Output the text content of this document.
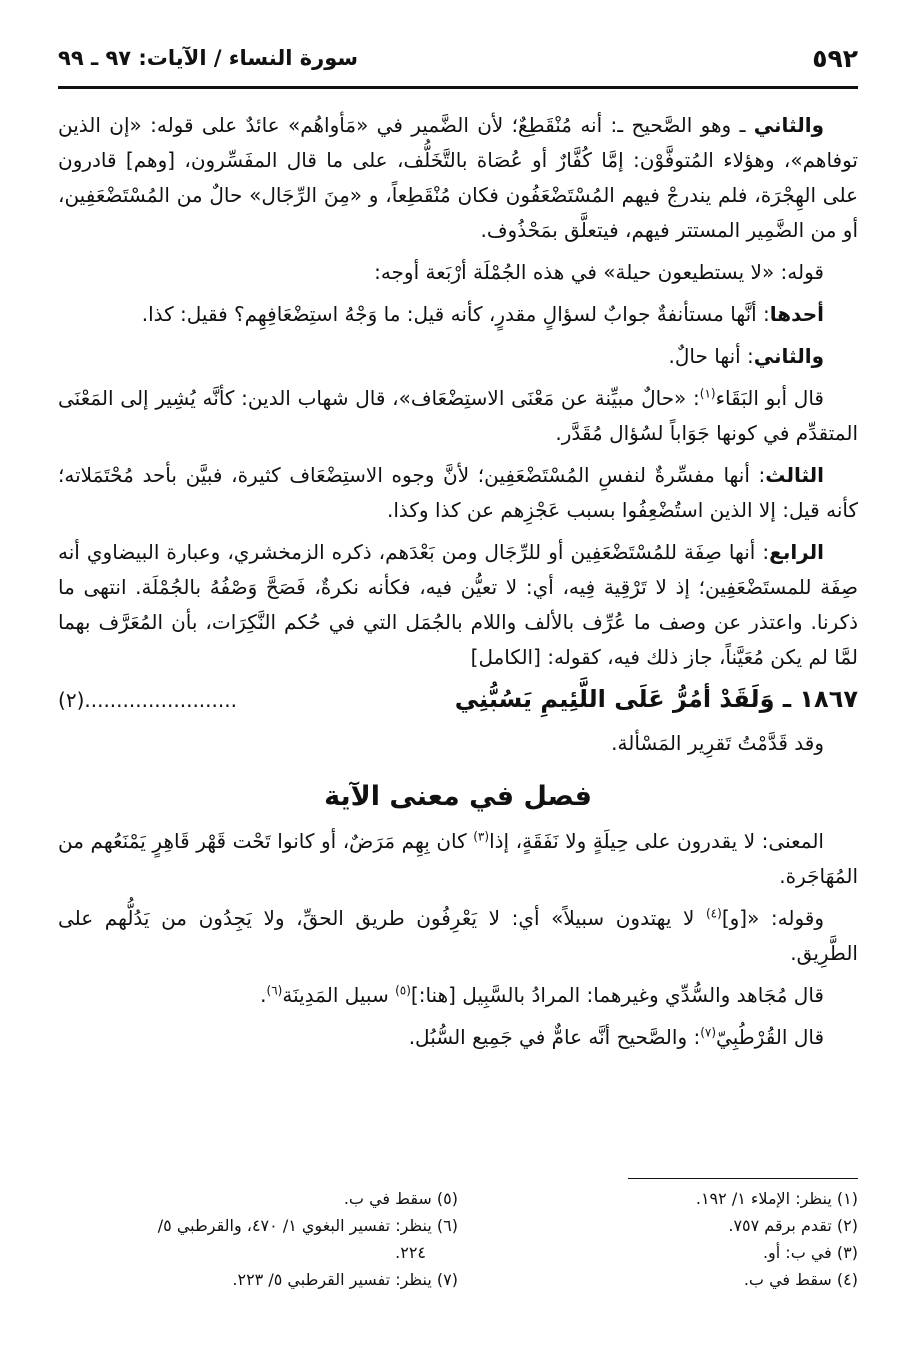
٥٩٢
سورة النساء / الآيات: ٩٧ ـ ٩٩

والثاني ـ وهو الصَّحيح ـ: أنه مُنْقَطِعٌ؛ لأن الضَّمير في «مَأواهُم» عائدٌ على قوله: «إن الذين توفاهم»، وهؤلاء المُتوفَّوْن: إمَّا كُفَّارٌ أو عُصَاة بالتَّخَلُّف، على ما قال المفَسِّرون، [وهم] قادرون على الهِجْرَة، فلم يندرجْ فيهم المُسْتَضْعَفُون فكان مُنْقَطِعاً، و «مِنَ الرِّجَال» حالٌ من المُسْتَضْعَفِين، أو من الضَّمِير المستتر فيهم، فيتعلَّق بمَحْذُوف.

قوله: «لا يستطيعون حيلة» في هذه الجُمْلَة أرْبَعة أوجه:

أحدها: أنَّها مستأنفةٌ جوابٌ لسؤالٍ مقدرٍ، كأنه قيل: ما وَجْهُ استِضْعَافِهِم؟ فقيل: كذا.

والثاني: أنها حالٌ.

قال أبو البَقَاء$^{(١)}$: «حالٌ مبيِّنة عن مَعْنَى الاستِضْعَاف»، قال شهاب الدين: كأنَّه يُشِير إلى المَعْنَى المتقدِّم في كونها جَوَاباً لسُؤال مُقَدَّر.

الثالث: أنها مفسِّرةٌ لنفسِ المُسْتَضْعَفِين؛ لأنَّ وجوه الاستِضْعَاف كثيرة، فبيَّن بأحد مُحْتَمَلاته؛ كأنه قيل: إلا الذين استُضْعِفُوا بسبب عَجْزِهم عن كذا وكذا.

الرابع: أنها صِفَة للمُسْتَضْعَفِين أو للرِّجَال ومن بَعْدَهم، ذكره الزمخشري، وعبارة البيضاوي أنه صِفَة للمستَضْعَفِين؛ إذ لا تَرْقِية فِيه، أي: لا تعيُّن فيه، فكأنه نكرةٌ، فَصَحَّ وَصْفُهُ بالجُمْلَة. انتهى ما ذكرنا. واعتذر عن وصف ما عُرِّف بالألف واللام بالجُمَل التي في حُكم النَّكِرَات، بأن المُعَرَّف بهما لمَّا لم يكن مُعَيَّناً، جاز ذلك فيه، كقوله: [الكامل]

١٨٦٧ ـ وَلَقَدْ أمُرُّ عَلَى اللَّئِيمِ يَسُبُّنِي
(٢)........................

وقد قَدَّمْتُ تَقرِير المَسْألة.

فصل في معنى الآية

المعنى: لا يقدرون على حِيلَةٍ ولا نَفَقَةٍ، إذا$^{(٣)}$ كان بِهِم مَرَضٌ، أو كانوا تَحْت قَهْر قَاهِرٍ يَمْنَعُهم من المُهَاجَرة.

وقوله: «[و]$^{(٤)}$ لا يهتدون سبيلاً» أي: لا يَعْرِفُون طريق الحقِّ، ولا يَجِدُون من يَدُلُّهم على الطَّرِيق.

قال مُجَاهد والسُّدِّي وغيرهما: المرادُ بالسَّبِيل [هنا:]$^{(٥)}$ سبيل المَدِينَة$^{(٦)}$.

قال القُرْطُبِيّ$^{(٧)}$: والصَّحيح أنَّه عامٌّ في جَمِيع السُّبُل.

(١) ينظر: الإملاء ١/ ١٩٢.

(٢) تقدم برقم ٧٥٧.

(٣) في ب: أو.

(٤) سقط في ب.

(٥) سقط في ب.

(٦) ينظر: تفسير البغوي ١/ ٤٧٠، والقرطبي ٥/

٢٢٤.

(٧) ينظر: تفسير القرطبي ٥/ ٢٢٣.
